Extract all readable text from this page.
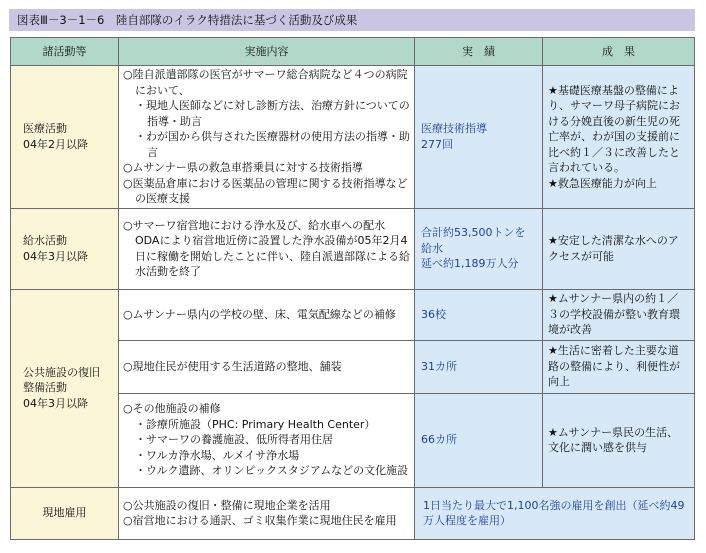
図表Ⅲ－3－1－6　陸自部隊のイラク特措法に基づく活動及び成果
諸活動等	実施内容	実　績	成　果

医療活動
04年2月以降	○陸自派遣部隊の医官がサマーワ総合病院など４つの病院において、
・現地人医師などに対し診断方法、治療方針についての指導・助言
・わが国から供与された医療器材の使用方法の指導・助言
○ムサンナー県の救急車搭乗員に対する技術指導
○医薬品倉庫における医薬品の管理に関する技術指導などの医療支援	医療技術指導
277回	★基礎医療基盤の整備により、サマーワ母子病院における分娩直後の新生児の死亡率が、わが国の支援前に比べ約１／３に改善したと言われている。
★救急医療能力が向上

給水活動
04年3月以降	○サマーワ宿営地における浄水及び、給水車への配水
ODAにより宿営地近傍に設置した浄水設備が05年2月4日に稼働を開始したことに伴い、陸自派遣部隊による給水活動を終了	合計約53,500トンを
給水
延べ約1,189万人分	★安定した清潔な水へのアクセスが可能

公共施設の復旧
整備活動
04年3月以降	○ムサンナー県内の学校の壁、床、電気配線などの補修	36校	★ムサンナー県内の約１／３の学校設備が整い教育環境が改善

	○現地住民が使用する生活道路の整地、舗装	31カ所	★生活に密着した主要な道路の整備により、利便性が向上

	○その他施設の補修
・診療所施設（PHC: Primary Health Center）
・サマーワの養護施設、低所得者用住居
・ワルカ浄水場、ルメイサ浄水場
・ウルク遺跡、オリンピックスタジアムなどの文化施設	66カ所	★ムサンナー県民の生活、文化に潤い感を供与

現地雇用	○公共施設の復旧・整備に現地企業を活用
○宿営地における通訳、ゴミ収集作業に現地住民を雇用	1日当たり最大で1,100名強の雇用を創出（延べ約49万人程度を雇用）	
